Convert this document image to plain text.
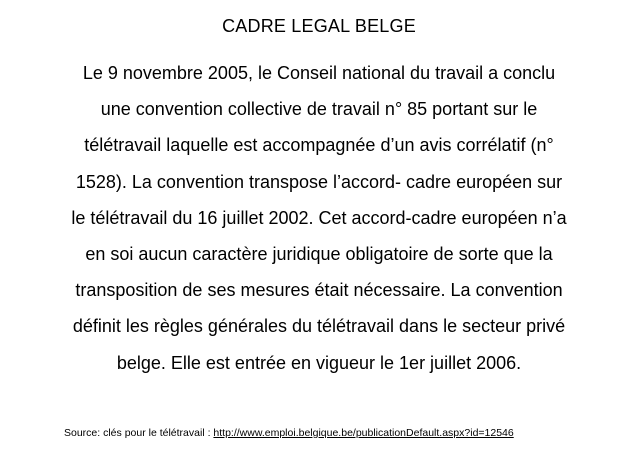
CADRE LEGAL BELGE
Le 9 novembre 2005, le Conseil national du travail a conclu
une convention collective de travail n° 85 portant sur le
télétravail laquelle est accompagnée d’un avis corrélatif (n°
1528). La convention transpose l’accord- cadre européen sur
le télétravail du 16 juillet 2002. Cet accord-cadre européen n’a
en soi aucun caractère juridique obligatoire de sorte que la
transposition de ses mesures était nécessaire. La convention
définit les règles générales du télétravail dans le secteur privé
belge. Elle est entrée en vigueur le 1er juillet 2006.
Source: clés pour le télétravail : http://www.emploi.belgique.be/publicationDefault.aspx?id=12546
